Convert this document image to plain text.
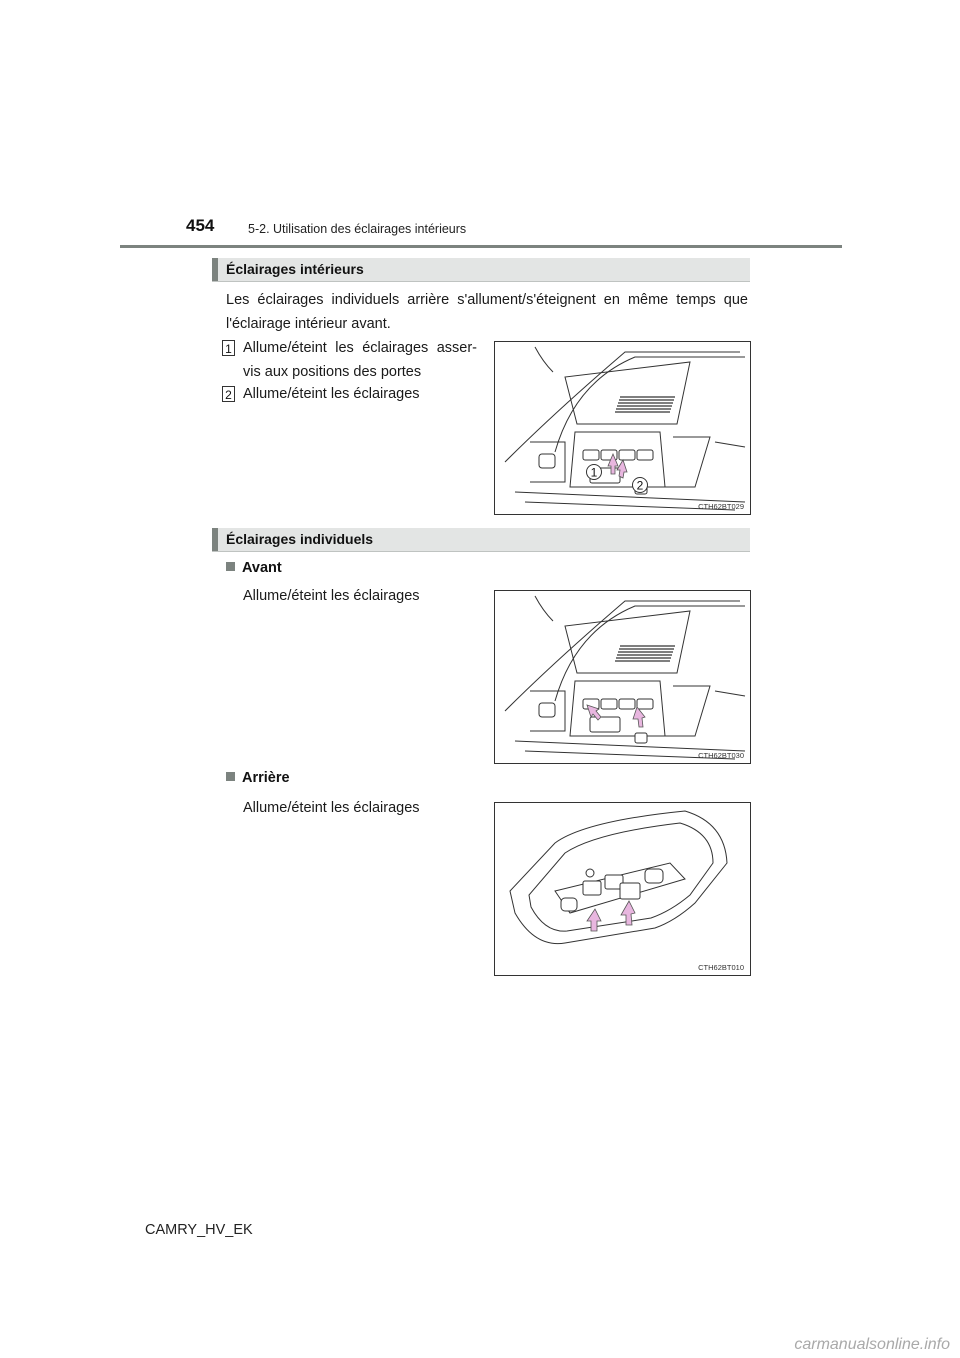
454	5-2. Utilisation des éclairages intérieurs
Éclairages intérieurs
Les éclairages individuels arrière s'allument/s'éteignent en même temps que
l'éclairage intérieur avant.
1 Allume/éteint les éclairages asser-
vis aux positions des portes
2 Allume/éteint les éclairages
1
2
CTH62BT029
Éclairages individuels
Avant
Allume/éteint les éclairages
CTH62BT030
Arrière
Allume/éteint les éclairages
CTH62BT010
CAMRY_HV_EK
carmanualsonline.info
